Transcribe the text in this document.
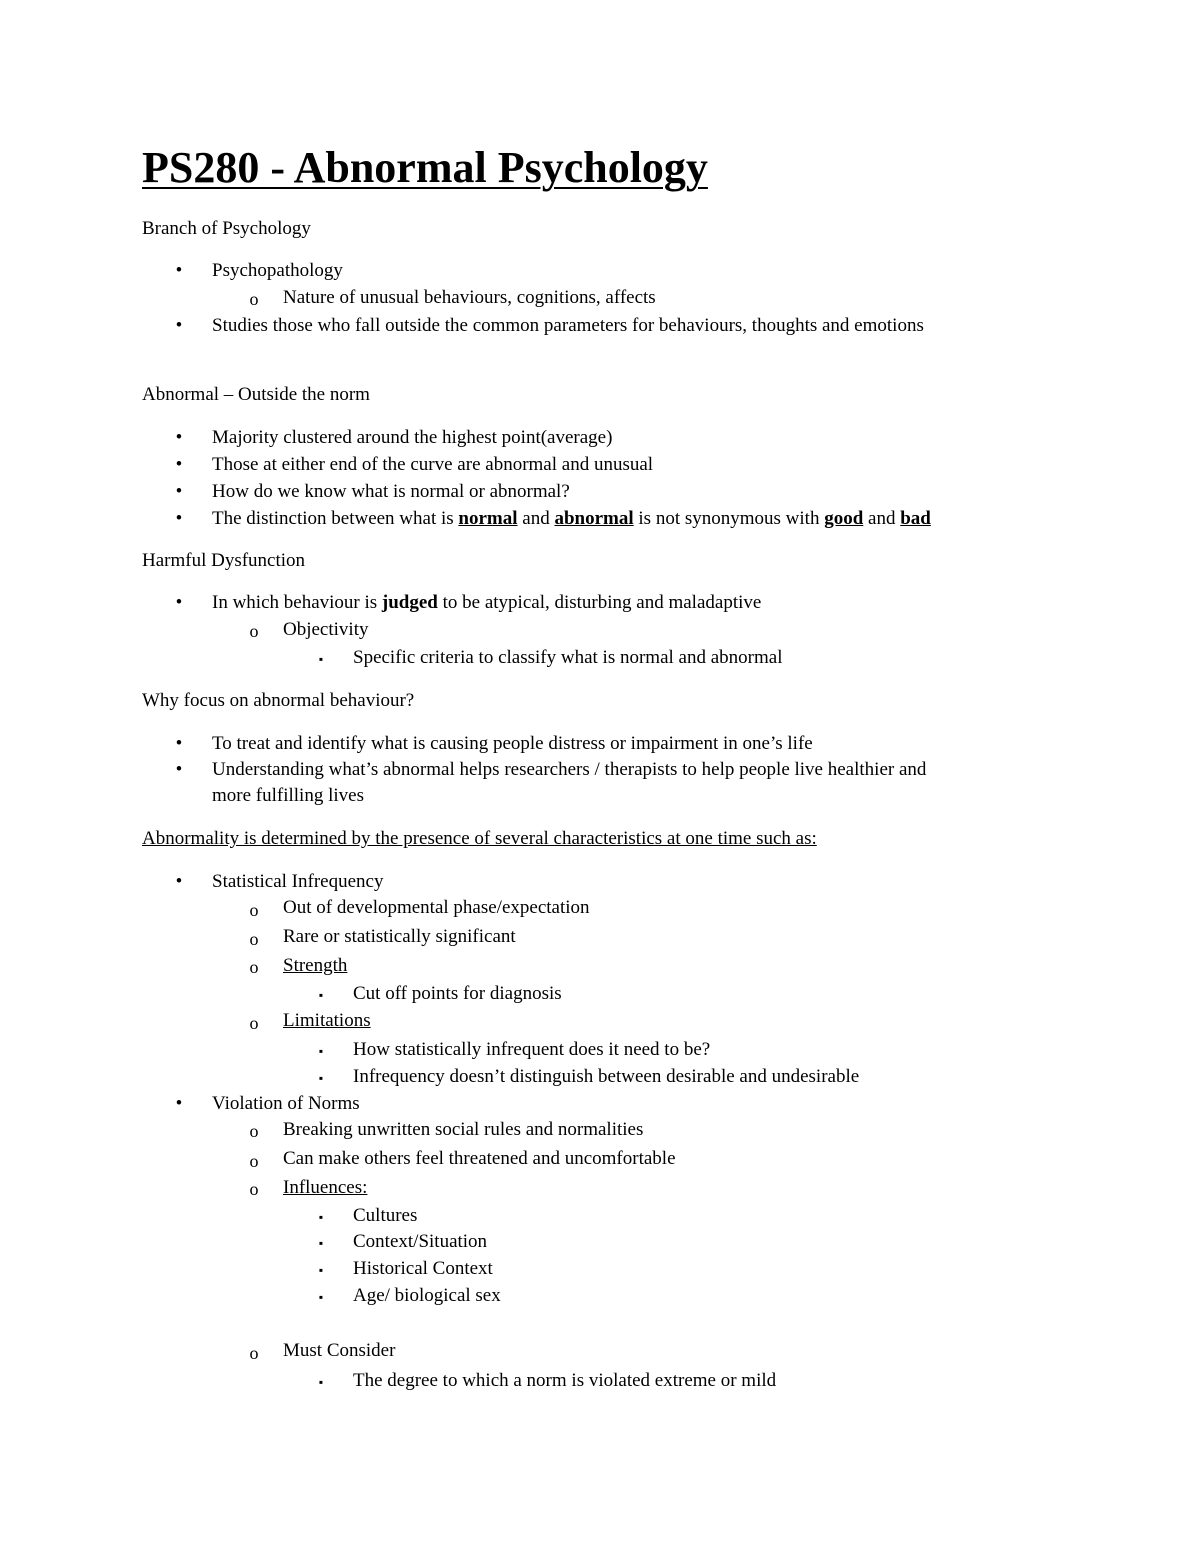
PS280 - Abnormal Psychology
Branch of Psychology
• Psychopathology
o Nature of unusual behaviours, cognitions, affects
• Studies those who fall outside the common parameters for behaviours, thoughts and emotions
Abnormal – Outside the norm
• Majority clustered around the highest point(average)
• Those at either end of the curve are abnormal and unusual
• How do we know what is normal or abnormal?
• The distinction between what is normal and abnormal is not synonymous with good and bad
Harmful Dysfunction
• In which behaviour is judged to be atypical, disturbing and maladaptive
o Objectivity
▪ Specific criteria to classify what is normal and abnormal
Why focus on abnormal behaviour?
• To treat and identify what is causing people distress or impairment in one’s life
• Understanding what’s abnormal helps researchers / therapists to help people live healthier and
more fulfilling lives
Abnormality is determined by the presence of several characteristics at one time such as:
• Statistical Infrequency
o Out of developmental phase/expectation
o Rare or statistically significant
o Strength
▪ Cut off points for diagnosis
o Limitations
▪ How statistically infrequent does it need to be?
▪ Infrequency doesn’t distinguish between desirable and undesirable
• Violation of Norms
o Breaking unwritten social rules and normalities
o Can make others feel threatened and uncomfortable
o Influences:
▪ Cultures
▪ Context/Situation
▪ Historical Context
▪ Age/ biological sex
o Must Consider
▪ The degree to which a norm is violated extreme or mild
